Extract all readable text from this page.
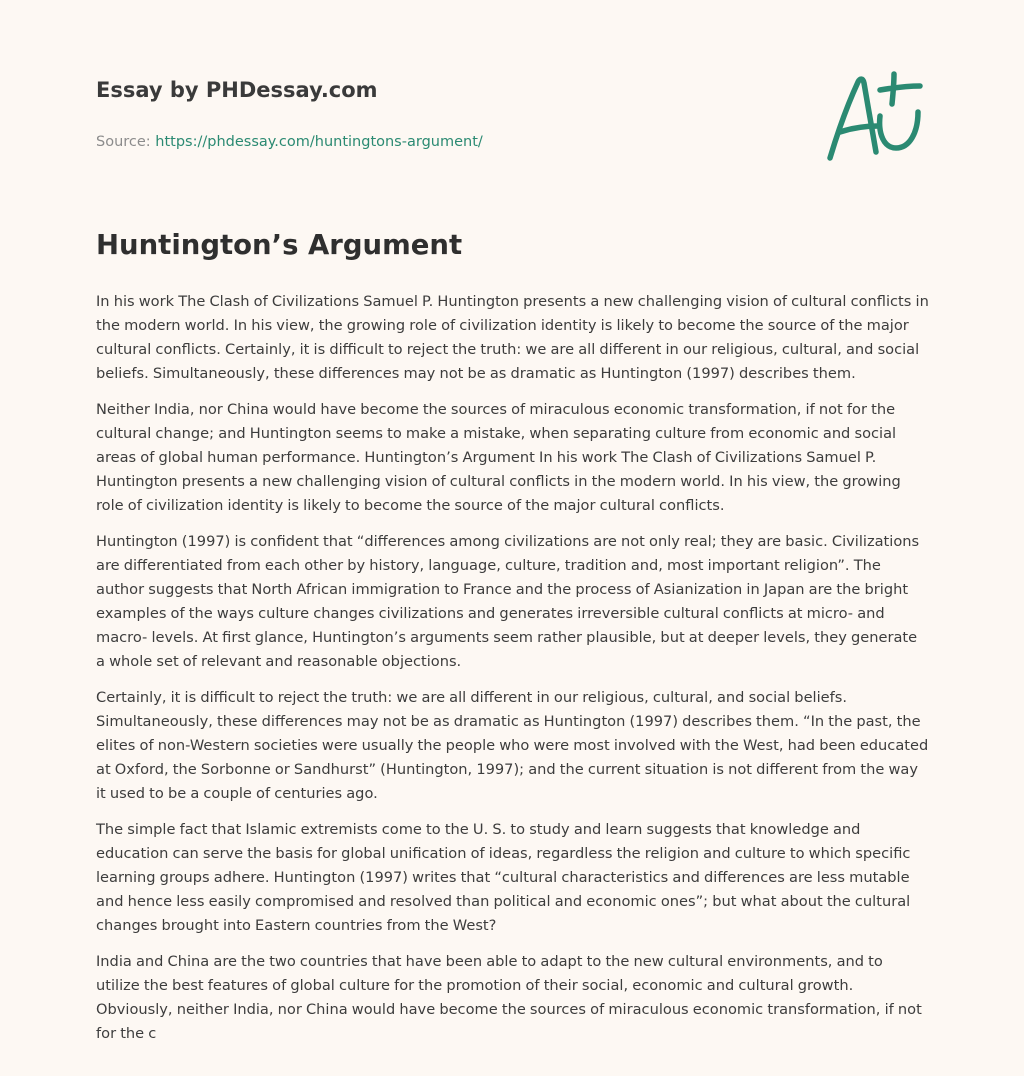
Essay by PHDessay.com
Source: https://phdessay.com/huntingtons-argument/
Huntington’s Argument

In his work The Clash of Civilizations Samuel P. Huntington presents a new challenging vision of cultural conflicts in the modern world. In his view, the growing role of civilization identity is likely to become the source of the major cultural conflicts. Certainly, it is difficult to reject the truth: we are all different in our religious, cultural, and social beliefs. Simultaneously, these differences may not be as dramatic as Huntington (1997) describes them.

Neither India, nor China would have become the sources of miraculous economic transformation, if not for the cultural change; and Huntington seems to make a mistake, when separating culture from economic and social areas of global human performance. Huntington’s Argument In his work The Clash of Civilizations Samuel P. Huntington presents a new challenging vision of cultural conflicts in the modern world. In his view, the growing role of civilization identity is likely to become the source of the major cultural conflicts.

Huntington (1997) is confident that “differences among civilizations are not only real; they are basic. Civilizations are differentiated from each other by history, language, culture, tradition and, most important religion”. The author suggests that North African immigration to France and the process of Asianization in Japan are the bright examples of the ways culture changes civilizations and generates irreversible cultural conflicts at micro- and macro- levels. At first glance, Huntington’s arguments seem rather plausible, but at deeper levels, they generate a whole set of relevant and reasonable objections.

Certainly, it is difficult to reject the truth: we are all different in our religious, cultural, and social beliefs. Simultaneously, these differences may not be as dramatic as Huntington (1997) describes them. “In the past, the elites of non-Western societies were usually the people who were most involved with the West, had been educated at Oxford, the Sorbonne or Sandhurst” (Huntington, 1997); and the current situation is not different from the way it used to be a couple of centuries ago.

The simple fact that Islamic extremists come to the U. S. to study and learn suggests that knowledge and education can serve the basis for global unification of ideas, regardless the religion and culture to which specific learning groups adhere. Huntington (1997) writes that “cultural characteristics and differences are less mutable and hence less easily compromised and resolved than political and economic ones”; but what about the cultural changes brought into Eastern countries from the West?

India and China are the two countries that have been able to adapt to the new cultural environments, and to utilize the best features of global culture for the promotion of their social, economic and cultural growth. Obviously, neither India, nor China would have become the sources of miraculous economic transformation, if not for the c
